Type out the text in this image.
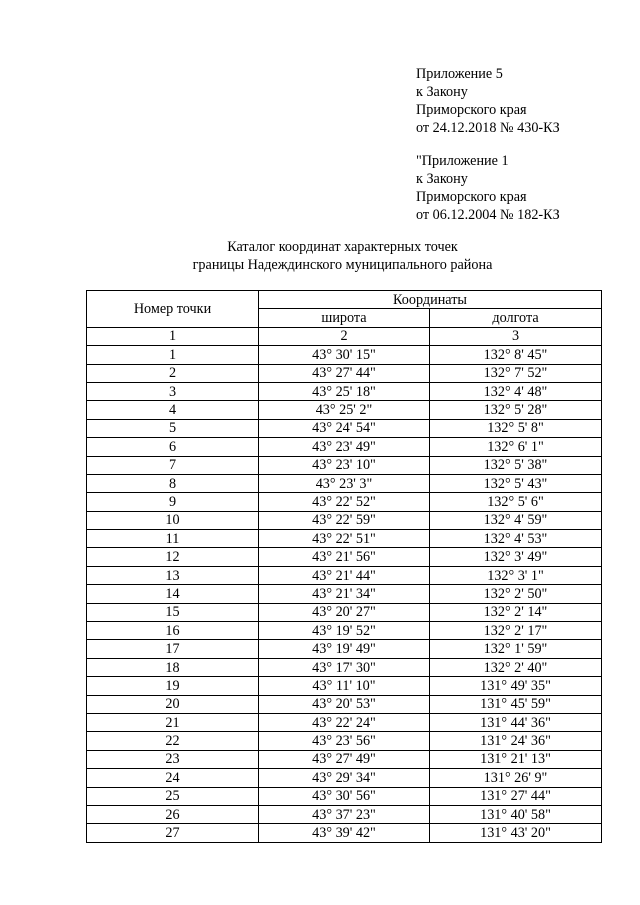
Приложение 5
к Закону
Приморского края
от 24.12.2018 № 430-КЗ
"Приложение 1
к Закону
Приморского края
от 06.12.2004 № 182-КЗ
Каталог координат характерных точек
границы Надеждинского муниципального района
Номер точки	Координаты	
	широта	долгота
1	2	3
1	43° 30' 15"	132° 8' 45"
2	43° 27' 44"	132° 7' 52"
3	43° 25' 18"	132° 4' 48"
4	43° 25' 2"	132° 5' 28"
5	43° 24' 54"	132° 5' 8"
6	43° 23' 49"	132° 6' 1"
7	43° 23' 10"	132° 5' 38"
8	43° 23' 3"	132° 5' 43"
9	43° 22' 52"	132° 5' 6"
10	43° 22' 59"	132° 4' 59"
11	43° 22' 51"	132° 4' 53"
12	43° 21' 56"	132° 3' 49"
13	43° 21' 44"	132° 3' 1"
14	43° 21' 34"	132° 2' 50"
15	43° 20' 27"	132° 2' 14"
16	43° 19' 52"	132° 2' 17"
17	43° 19' 49"	132° 1' 59"
18	43° 17' 30"	132° 2' 40"
19	43° 11' 10"	131° 49' 35"
20	43° 20' 53"	131° 45' 59"
21	43° 22' 24"	131° 44' 36"
22	43° 23' 56"	131° 24' 36"
23	43° 27' 49"	131° 21' 13"
24	43° 29' 34"	131° 26' 9"
25	43° 30' 56"	131° 27' 44"
26	43° 37' 23"	131° 40' 58"
27	43° 39' 42"	131° 43' 20"
